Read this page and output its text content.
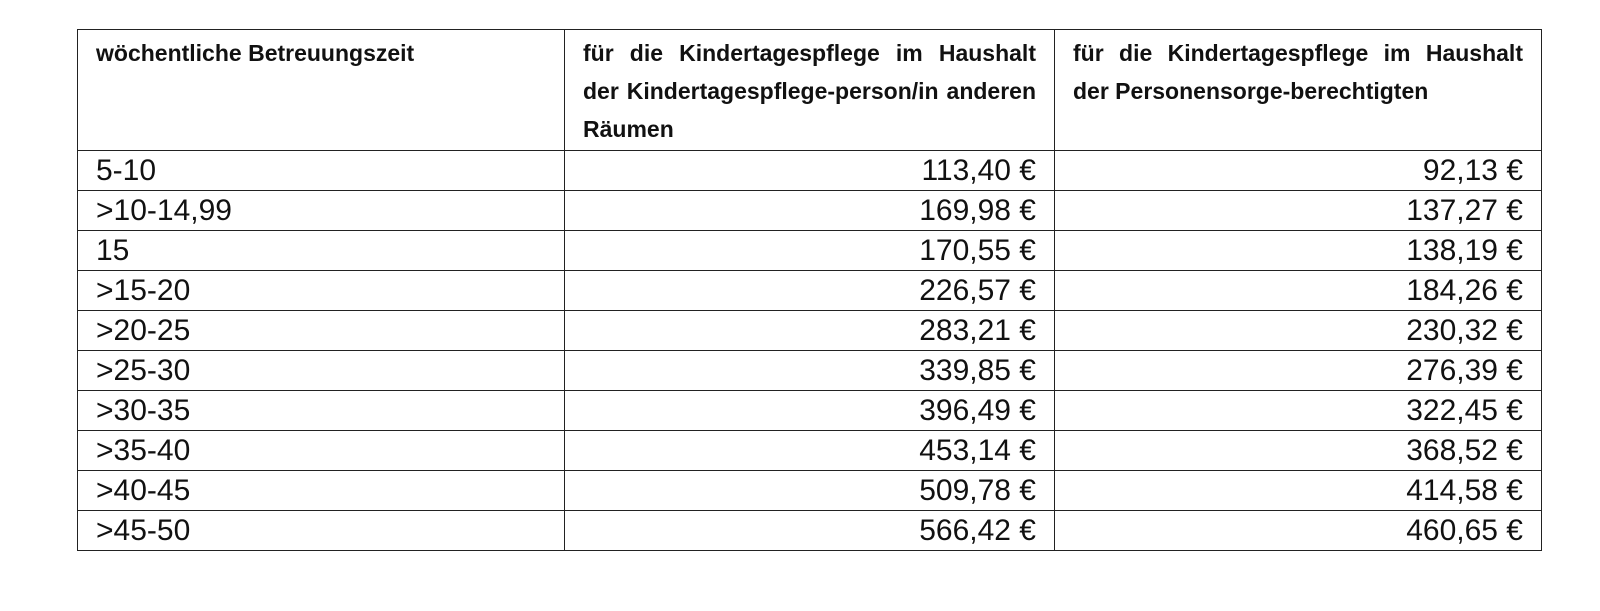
wöchentliche Betreuungszeit	für die Kindertagespflege im Haushalt der Kindertagespflege-person/in anderen Räumen	für die Kindertagespflege im Haushalt der Personensorge-berechtigten
5-10	113,40 €	92,13 €
>10-14,99	169,98 €	137,27 €
15	170,55 €	138,19 €
>15-20	226,57 €	184,26 €
>20-25	283,21 €	230,32 €
>25-30	339,85 €	276,39 €
>30-35	396,49 €	322,45 €
>35-40	453,14 €	368,52 €
>40-45	509,78 €	414,58 €
>45-50	566,42 €	460,65 €
